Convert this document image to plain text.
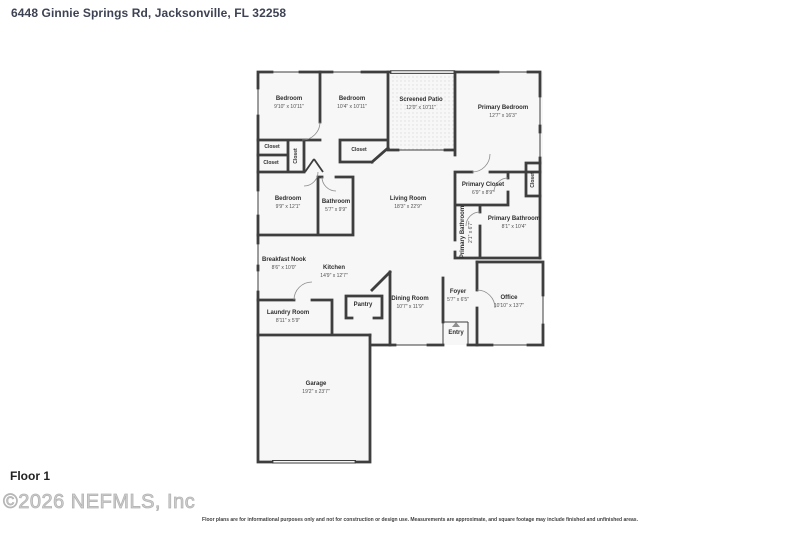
6448 Ginnie Springs Rd, Jacksonville, FL 32258
Bedroom
9'10" x 10'11"
Bedroom
10'4" x 10'11"
Screened Patio
12'0" x 10'11"	Primary Bedroom
12'7" x 16'3"
Bedroom
9'9" x 12'1"
Bathroom
5'7" x 9'9"
Living Room
18'3" x 22'9"
Primary Closet
6'9" x 8'9"
Primary Bathroom
8'1" x 10'4"
Primary Bathroom 2'1" x 6'7"
Breakfast Nook
8'6" x 10'0"	Kitchen
14'9" x 12'7"
Pantry
Laundry Room
8'11" x 5'9"
Dining Room
10'7" x 11'9"
Foyer
5'7" x 6'5"	Office
10'10" x 13'7"
Garage
19'2" x 23'7"
Closet
Closet	Closet	Closet
Closet
Entry
Floor 1
©2026 NEFMLS, Inc
Floor plans are for informational purposes only and not for construction or design use. Measurements are approximate, and square footage may include finished and unfinished areas.
